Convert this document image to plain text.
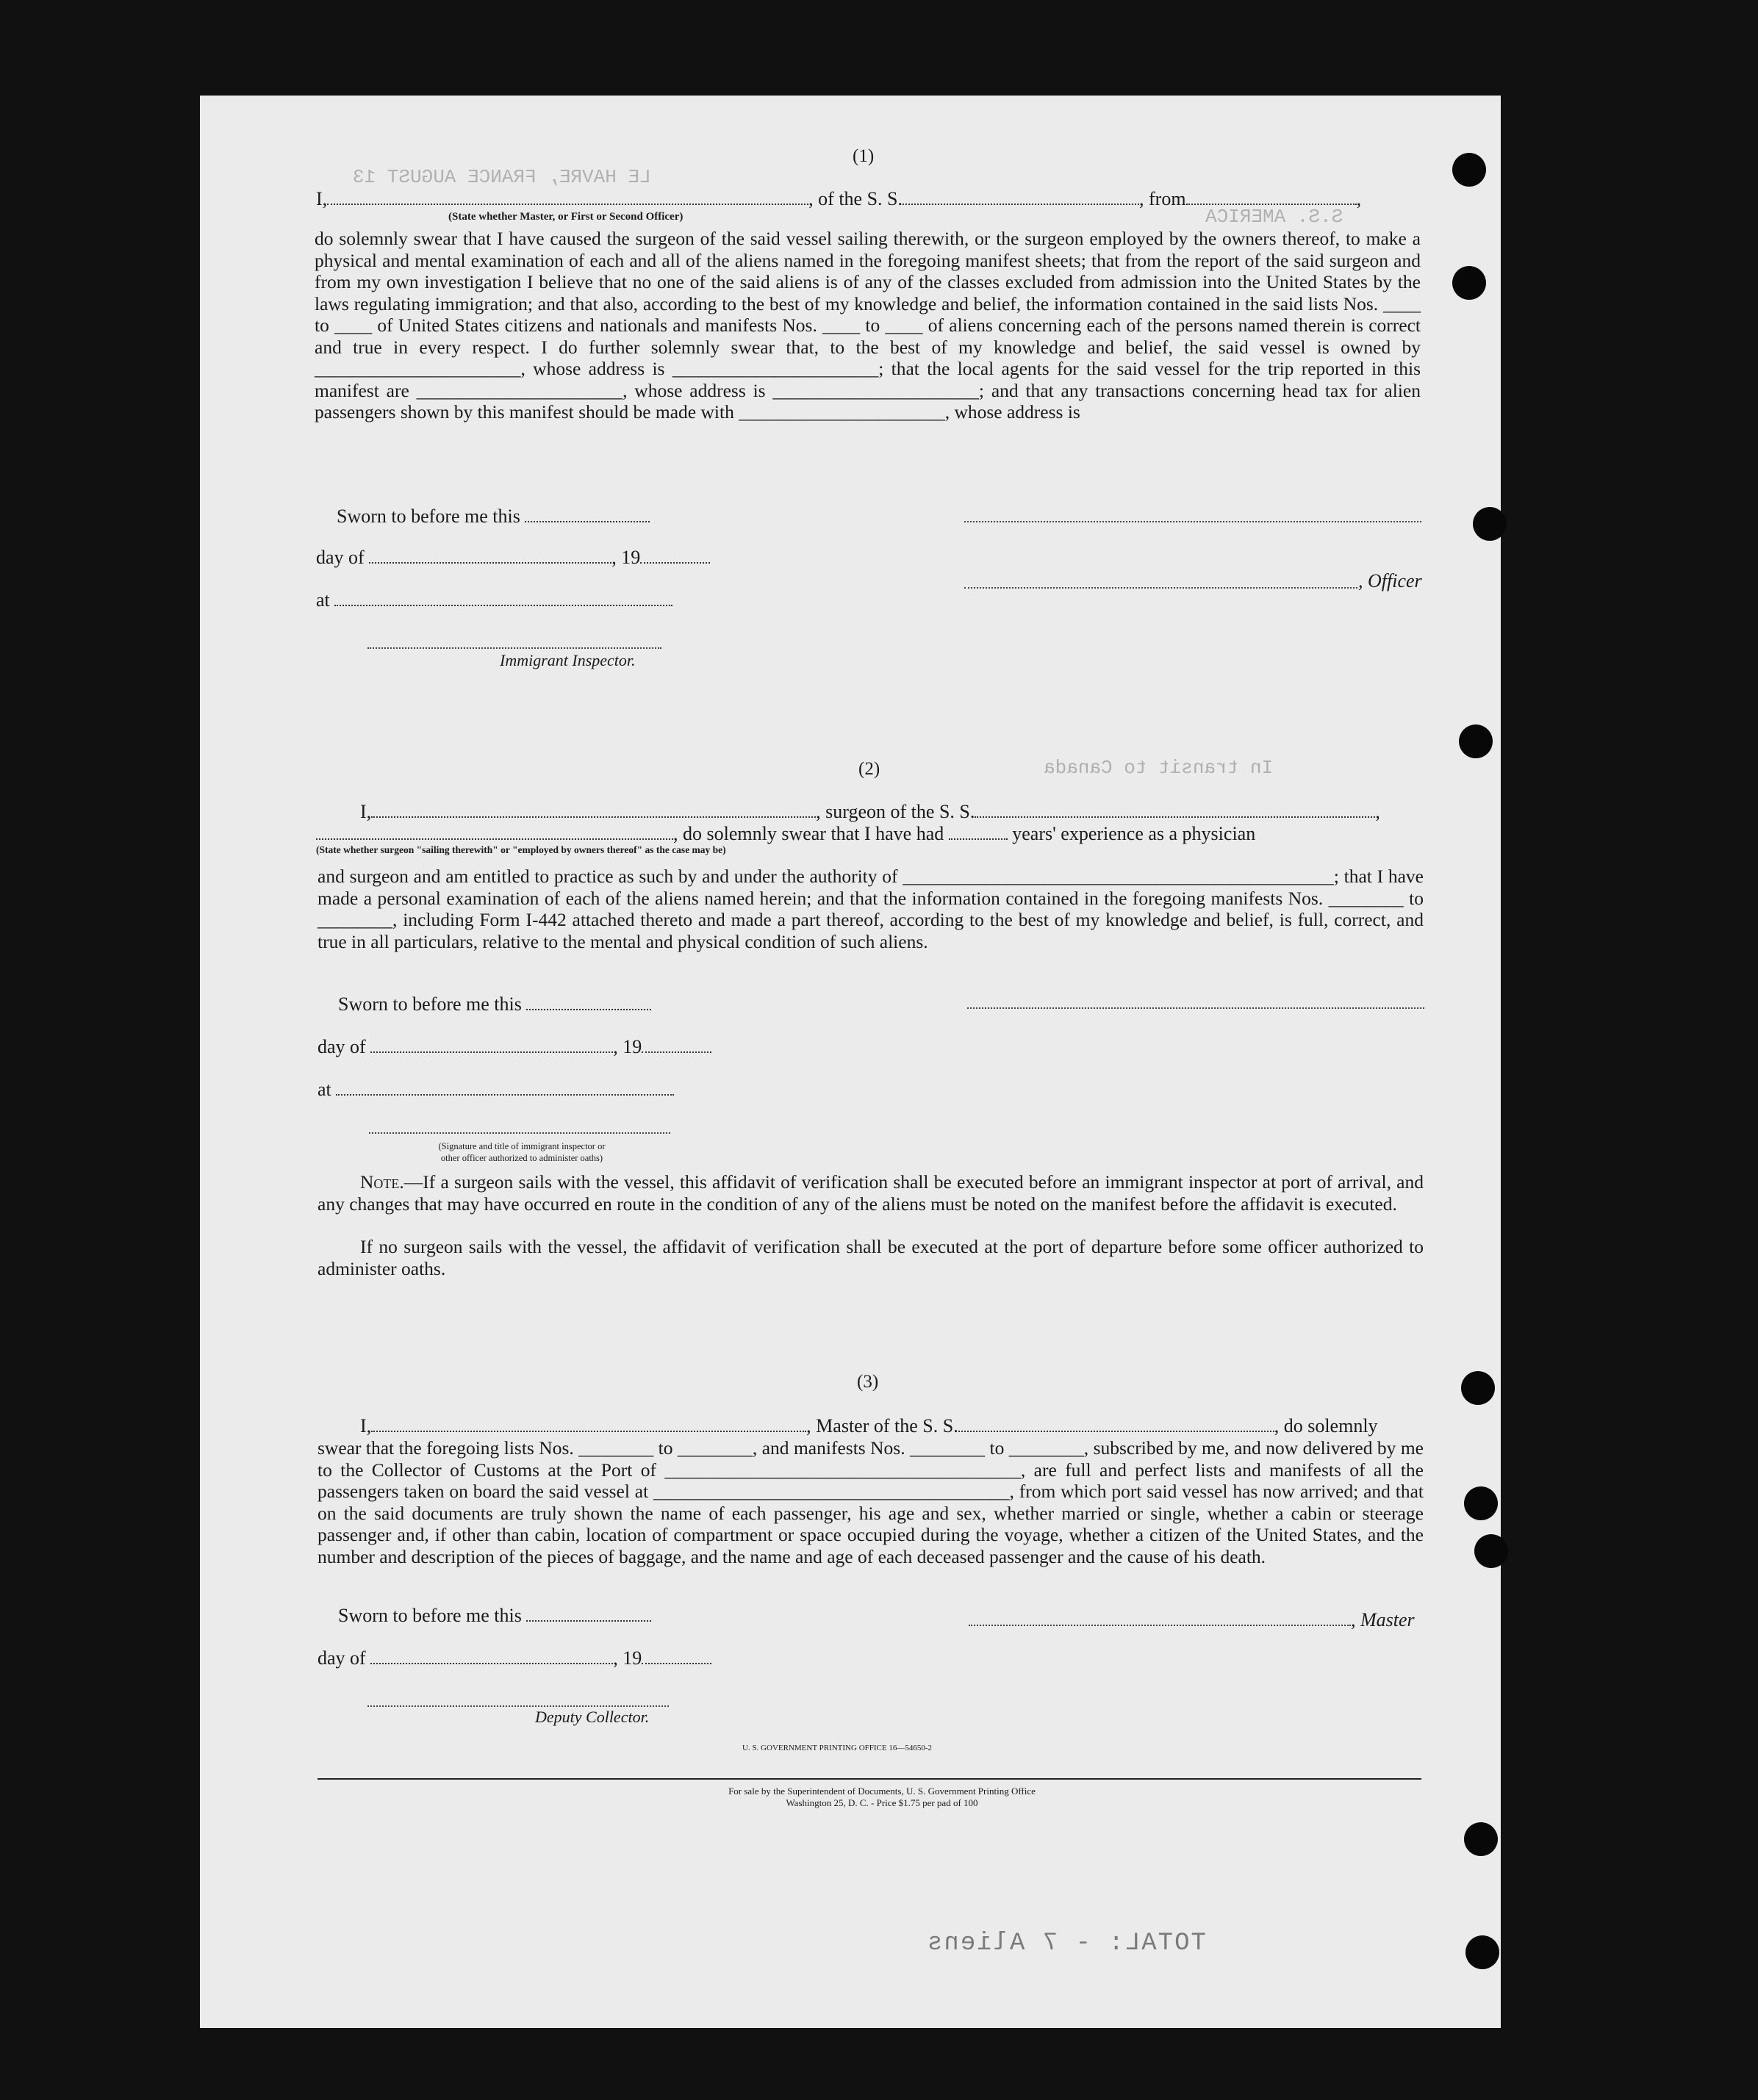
LE HAVRE, FRANCE AUGUST 13
S.S. AMERICA
In transit to Canada
(1)
I,	, of the S. S.	, from	,
(State whether Master, or First or Second Officer)
do solemnly swear that I have caused the surgeon of the said vessel sailing therewith, or the surgeon employed by the owners thereof, to make a physical and mental examination of each and all of the aliens named in the foregoing manifest sheets; that from the report of the said surgeon and from my own investigation I believe that no one of the said aliens is of any of the classes excluded from admission into the United States by the laws regulating immigration; and that also, according to the best of my knowledge and belief, the information contained in the said lists Nos. ____ to ____ of United States citizens and nationals and manifests Nos. ____ to ____ of aliens concerning each of the persons named therein is correct and true in every respect. I do further solemnly swear that, to the best of my knowledge and belief, the said vessel is owned by ______________________, whose address is ______________________; that the local agents for the said vessel for the trip reported in this manifest are ______________________, whose address is ______________________; and that any transactions concerning head tax for alien passengers shown by this manifest should be made with ______________________, whose address is
Sworn to before me this
day of	, 19
at
, Officer
Immigrant Inspector.
(2)
I,	, surgeon of the S. S.	,
, do solemnly swear that I have had	years' experience as a physician
(State whether surgeon "sailing therewith" or "employed by owners thereof" as the case may be)
and surgeon and am entitled to practice as such by and under the authority of ______________________________________________; that I have made a personal examination of each of the aliens named herein; and that the information contained in the foregoing manifests Nos. ________ to ________, including Form I-442 attached thereto and made a part thereof, according to the best of my knowledge and belief, is full, correct, and true in all particulars, relative to the mental and physical condition of such aliens.
Sworn to before me this
day of	, 19
at
(Signature and title of immigrant inspector or
other officer authorized to administer oaths)
Note.—If a surgeon sails with the vessel, this affidavit of verification shall be executed before an immigrant inspector at port of arrival, and any changes that may have occurred en route in the condition of any of the aliens must be noted on the manifest before the affidavit is executed.
If no surgeon sails with the vessel, the affidavit of verification shall be executed at the port of departure before some officer authorized to administer oaths.
(3)
I,	, Master of the S. S.	, do solemnly
swear that the foregoing lists Nos. ________ to ________, and manifests Nos. ________ to ________, subscribed by me, and now delivered by me to the Collector of Customs at the Port of ______________________________________, are full and perfect lists and manifests of all the passengers taken on board the said vessel at ______________________________________, from which port said vessel has now arrived; and that on the said documents are truly shown the name of each passenger, his age and sex, whether married or single, whether a cabin or steerage passenger and, if other than cabin, location of compartment or space occupied during the voyage, whether a citizen of the United States, and the number and description of the pieces of baggage, and the name and age of each deceased passenger and the cause of his death.
Sworn to before me this	, Master
day of	, 19
Deputy Collector.
U. S. GOVERNMENT PRINTING OFFICE 16—54650-2
For sale by the Superintendent of Documents, U. S. Government Printing Office
Washington 25, D. C. - Price $1.75 per pad of 100
TOTAL: - 7 Aliens
